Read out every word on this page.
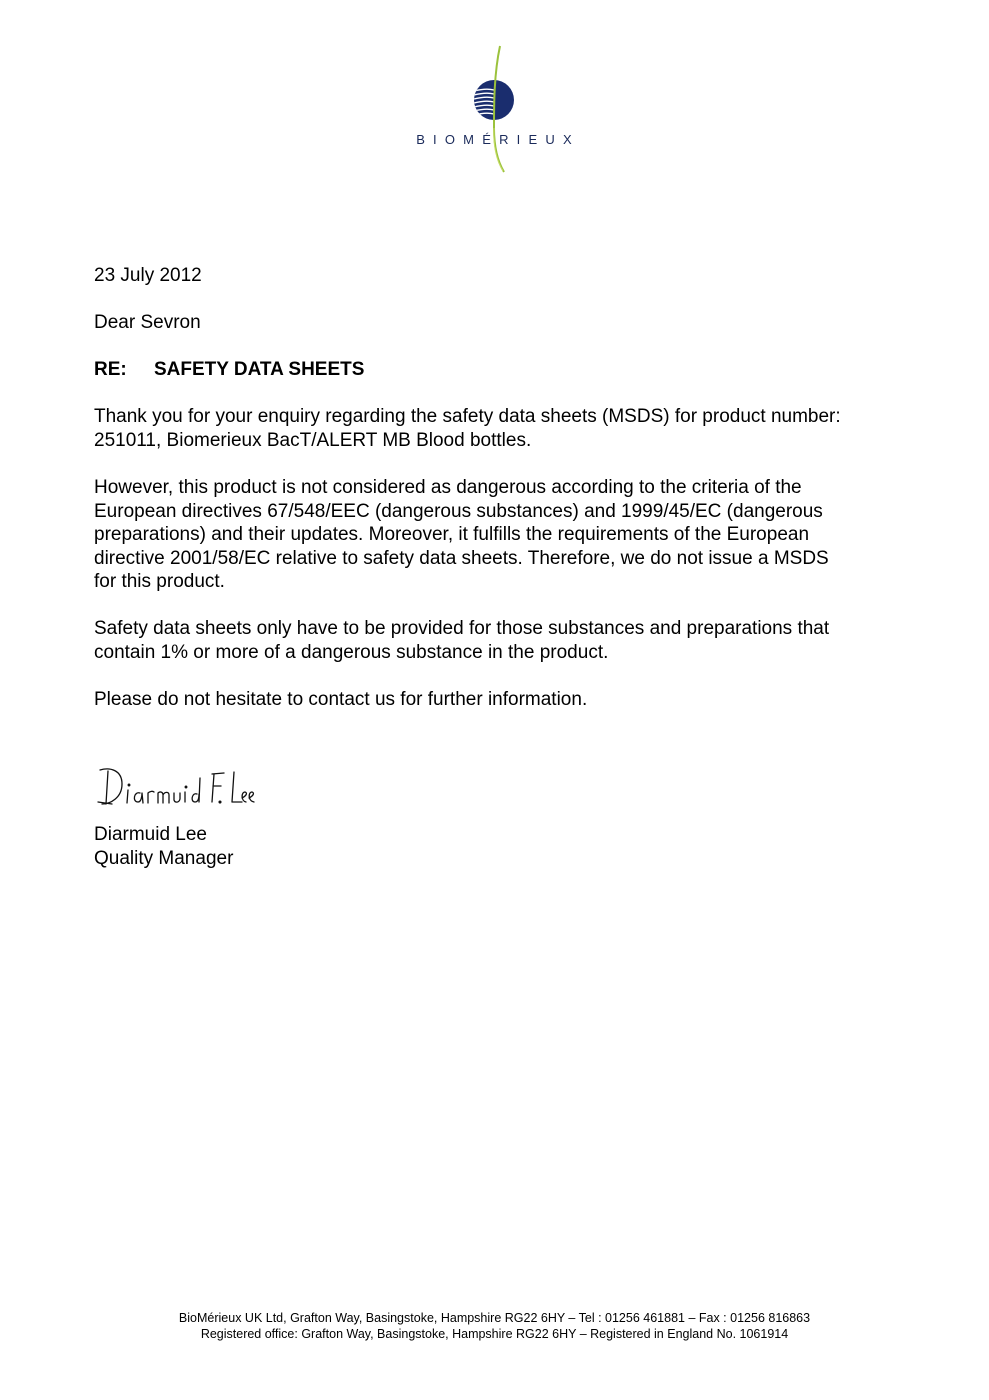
BIOMÉRIEUX
23 July 2012
Dear Sevron
RE: SAFETY DATA SHEETS
Thank you for your enquiry regarding the safety data sheets (MSDS) for product number:
251011, Biomerieux BacT/ALERT MB Blood bottles.
However, this product is not considered as dangerous according to the criteria of the
European directives 67/548/EEC (dangerous substances) and 1999/45/EC (dangerous
preparations) and their updates. Moreover, it fulfills the requirements of the European
directive 2001/58/EC relative to safety data sheets. Therefore, we do not issue a MSDS
for this product.
Safety data sheets only have to be provided for those substances and preparations that
contain 1% or more of a dangerous substance in the product.
Please do not hesitate to contact us for further information.
Diarmuid Lee
Quality Manager
BioMérieux UK Ltd, Grafton Way, Basingstoke, Hampshire RG22 6HY – Tel : 01256 461881 – Fax : 01256 816863
Registered office: Grafton Way, Basingstoke, Hampshire RG22 6HY – Registered in England No. 1061914
